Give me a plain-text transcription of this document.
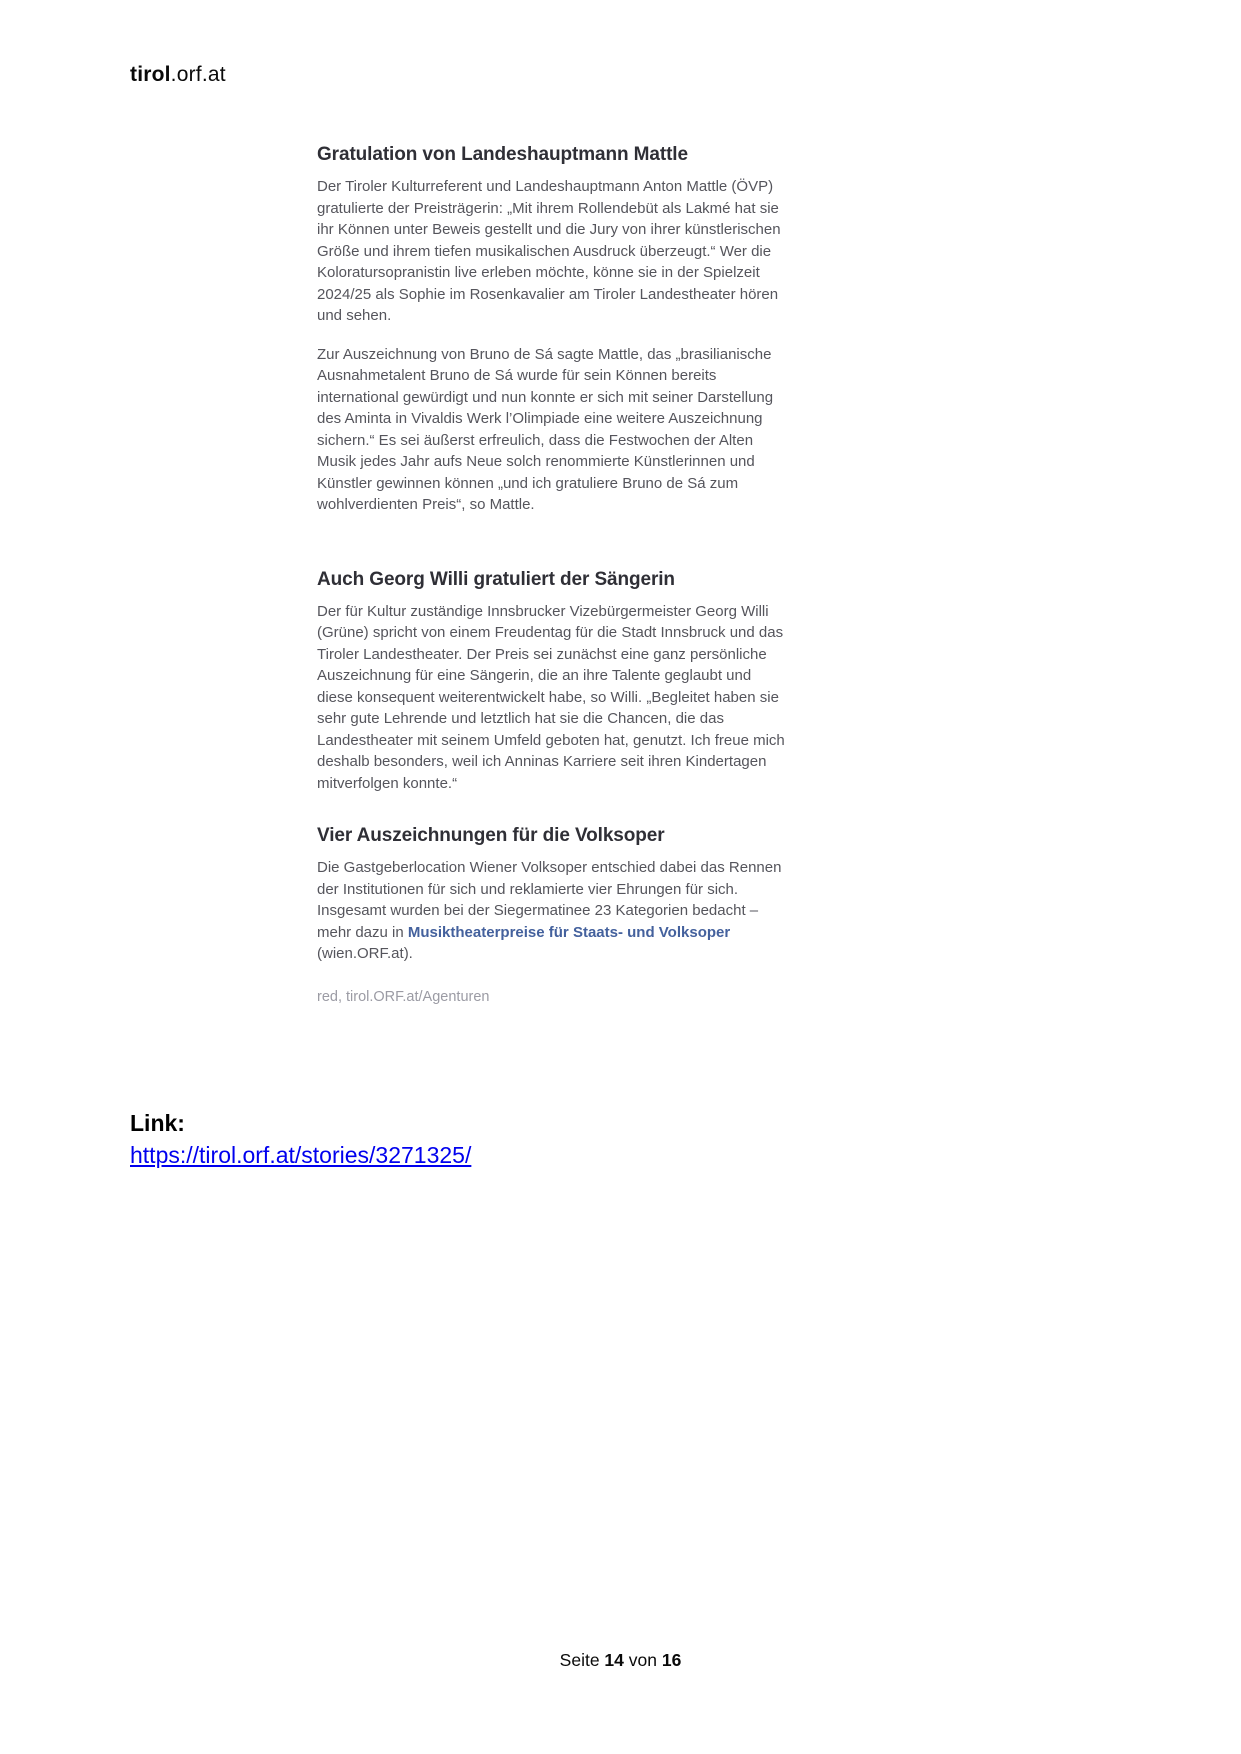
tirol.orf.at
Gratulation von Landeshauptmann Mattle

Der Tiroler Kulturreferent und Landeshauptmann Anton Mattle (ÖVP) gratulierte der Preisträgerin: „Mit ihrem Rollendebüt als Lakmé hat sie ihr Können unter Beweis gestellt und die Jury von ihrer künstlerischen Größe und ihrem tiefen musikalischen Ausdruck überzeugt.“ Wer die Koloratursopranistin live erleben möchte, könne sie in der Spielzeit 2024/25 als Sophie im Rosenkavalier am Tiroler Landestheater hören und sehen.

Zur Auszeichnung von Bruno de Sá sagte Mattle, das „brasilianische Ausnahmetalent Bruno de Sá wurde für sein Können bereits international gewürdigt und nun konnte er sich mit seiner Darstellung des Aminta in Vivaldis Werk l’Olimpiade eine weitere Auszeichnung sichern.“ Es sei äußerst erfreulich, dass die Festwochen der Alten Musik jedes Jahr aufs Neue solch renommierte Künstlerinnen und Künstler gewinnen können „und ich gratuliere Bruno de Sá zum wohlverdienten Preis“, so Mattle.

Auch Georg Willi gratuliert der Sängerin

Der für Kultur zuständige Innsbrucker Vizebürgermeister Georg Willi (Grüne) spricht von einem Freudentag für die Stadt Innsbruck und das Tiroler Landestheater. Der Preis sei zunächst eine ganz persönliche Auszeichnung für eine Sängerin, die an ihre Talente geglaubt und diese konsequent weiterentwickelt habe, so Willi. „Begleitet haben sie sehr gute Lehrende und letztlich hat sie die Chancen, die das Landestheater mit seinem Umfeld geboten hat, genutzt. Ich freue mich deshalb besonders, weil ich Anninas Karriere seit ihren Kindertagen mitverfolgen konnte.“

Vier Auszeichnungen für die Volksoper

Die Gastgeberlocation Wiener Volksoper entschied dabei das Rennen der Institutionen für sich und reklamierte vier Ehrungen für sich. Insgesamt wurden bei der Siegermatinee 23 Kategorien bedacht – mehr dazu in Musiktheaterpreise für Staats- und Volksoper (wien.ORF.at).

red, tirol.ORF.at/Agenturen
Link:
https://tirol.orf.at/stories/3271325/
Seite 14 von 16
